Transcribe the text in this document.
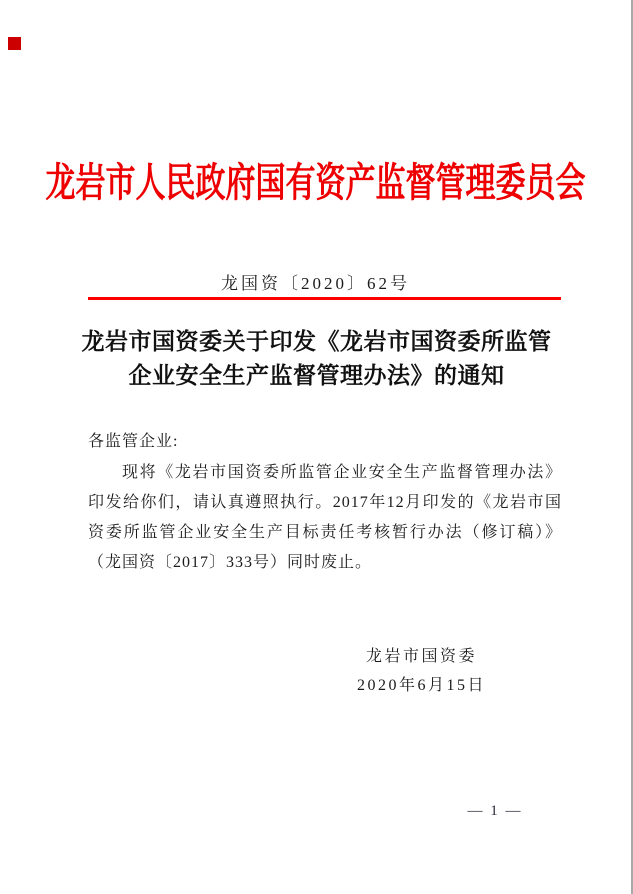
龙岩市人民政府国有资产监督管理委员会
龙国资〔2020〕62号
龙岩市国资委关于印发《龙岩市国资委所监管
企业安全生产监督管理办法》的通知
各监管企业:
现将《龙岩市国资委所监管企业安全生产监督管理办法》印发给你们，请认真遵照执行。2017年12月印发的《龙岩市国资委所监管企业安全生产目标责任考核暂行办法（修订稿）》（龙国资〔2017〕333号）同时废止。
龙岩市国资委
2020年6月15日
— 1 —
